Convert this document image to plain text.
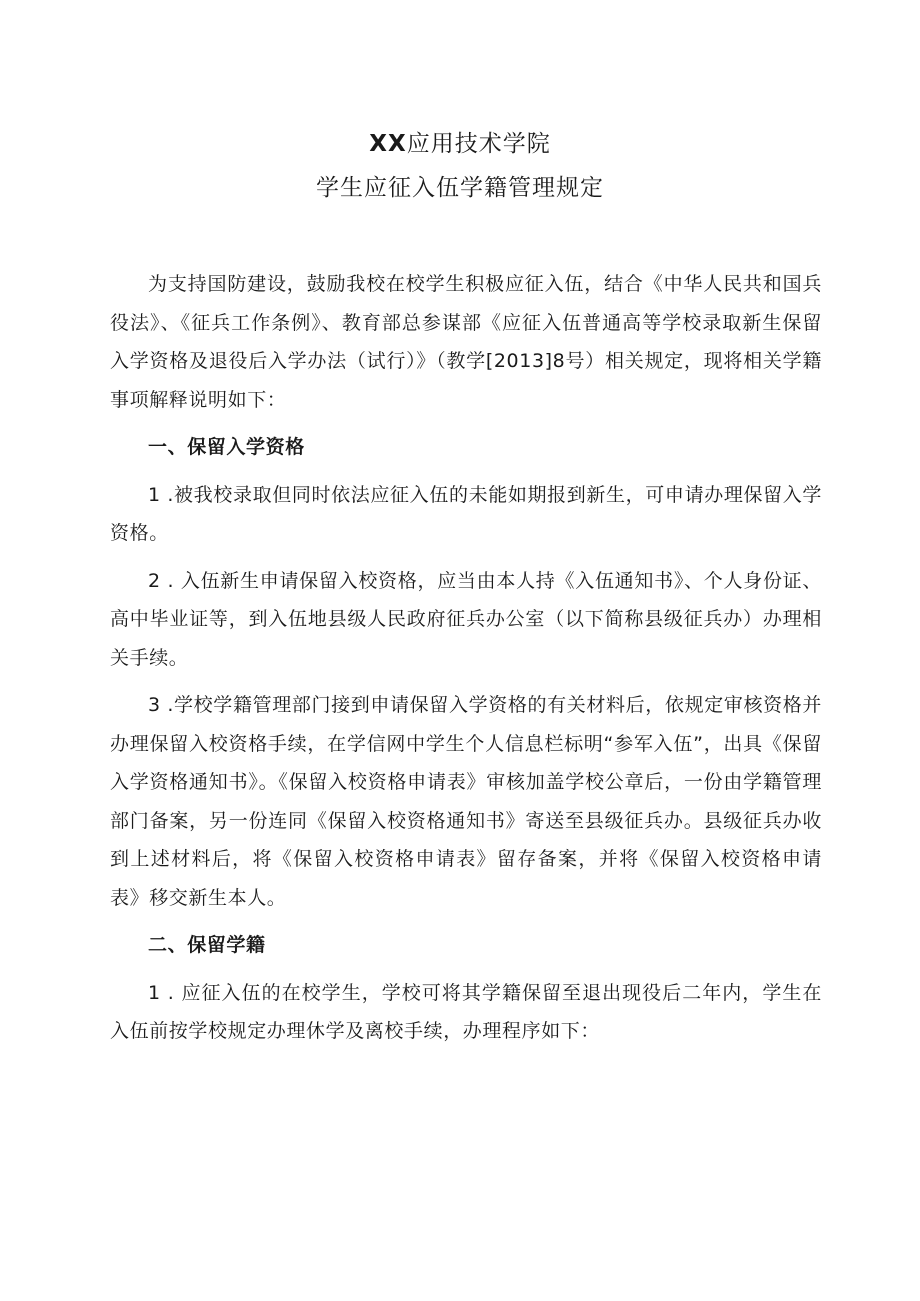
XX应用技术学院
学生应征入伍学籍管理规定

为支持国防建设，鼓励我校在校学生积极应征入伍，结合《中华人民共和国兵役法》、《征兵工作条例》、教育部总参谋部《应征入伍普通高等学校录取新生保留入学资格及退役后入学办法（试行）》（教学[2013]8号）相关规定，现将相关学籍事项解释说明如下：

一、保留入学资格

1 .被我校录取但同时依法应征入伍的未能如期报到新生，可申请办理保留入学资格。

2 . 入伍新生申请保留入校资格，应当由本人持《入伍通知书》、个人身份证、高中毕业证等，到入伍地县级人民政府征兵办公室（以下简称县级征兵办）办理相关手续。

3 .学校学籍管理部门接到申请保留入学资格的有关材料后，依规定审核资格并办理保留入校资格手续，在学信网中学生个人信息栏标明“参军入伍”，出具《保留入学资格通知书》。《保留入校资格申请表》审核加盖学校公章后，一份由学籍管理部门备案，另一份连同《保留入校资格通知书》寄送至县级征兵办。县级征兵办收到上述材料后，将《保留入校资格申请表》留存备案，并将《保留入校资格申请表》移交新生本人。

二、保留学籍

1 . 应征入伍的在校学生，学校可将其学籍保留至退出现役后二年内，学生在入伍前按学校规定办理休学及离校手续，办理程序如下：
